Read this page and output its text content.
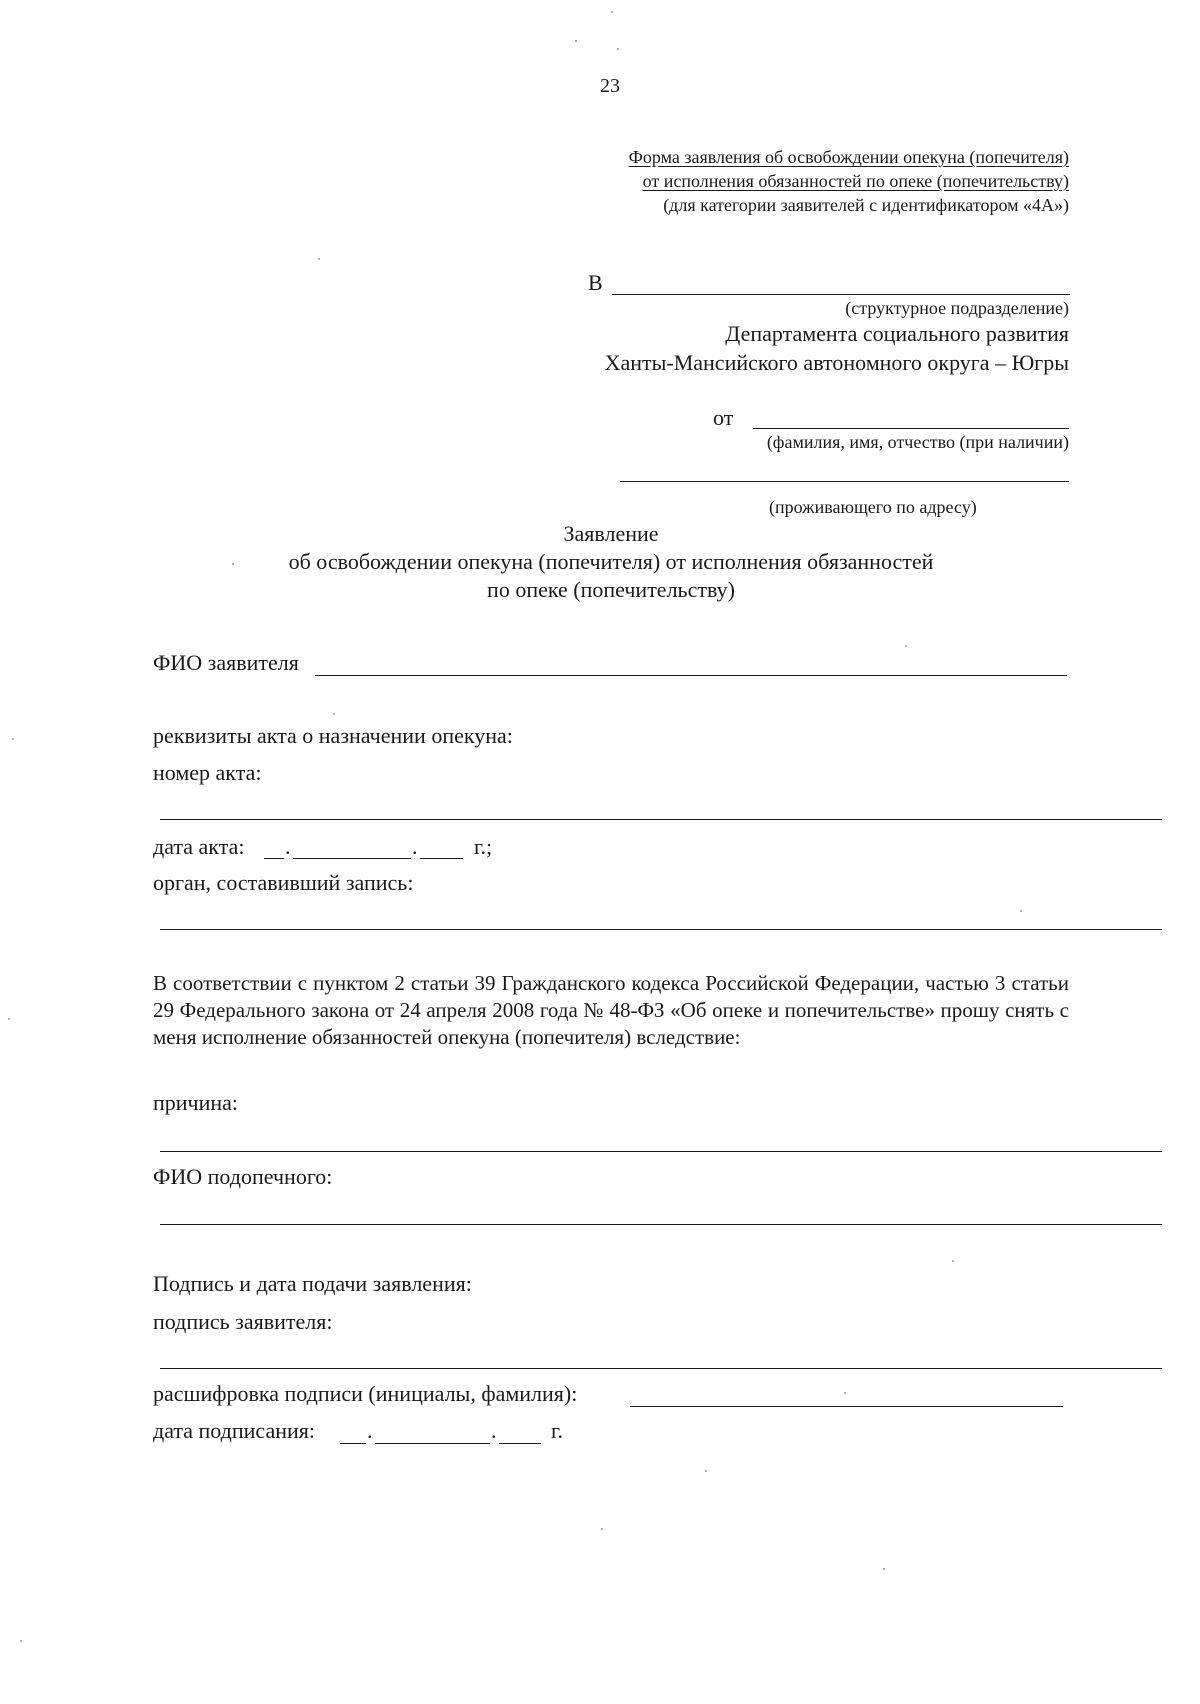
23
Форма заявления об освобождении опекуна (попечителя)
от исполнения обязанностей по опеке (попечительству)
(для категории заявителей с идентификатором «4А»)
В
(структурное подразделение)
Департамента социального развития
Ханты-Мансийского автономного округа – Югры
от
(фамилия, имя, отчество (при наличии)
(проживающего по адресу)
Заявление
об освобождении опекуна (попечителя) от исполнения обязанностей
по опеке (попечительству)
ФИО заявителя
реквизиты акта о назначении опекуна:
номер акта:
дата акта: .	.	г.;
орган, составивший запись:
В соответствии с пунктом 2 статьи 39 Гражданского кодекса Российской Федерации, частью 3 статьи 29 Федерального закона от 24 апреля 2008 года № 48-ФЗ «Об опеке и попечительстве» прошу снять с меня исполнение обязанностей опекуна (попечителя) вследствие:
причина:
ФИО подопечного:
Подпись и дата подачи заявления:
подпись заявителя:
расшифровка подписи (инициалы, фамилия):
дата подписания: .	. г.
